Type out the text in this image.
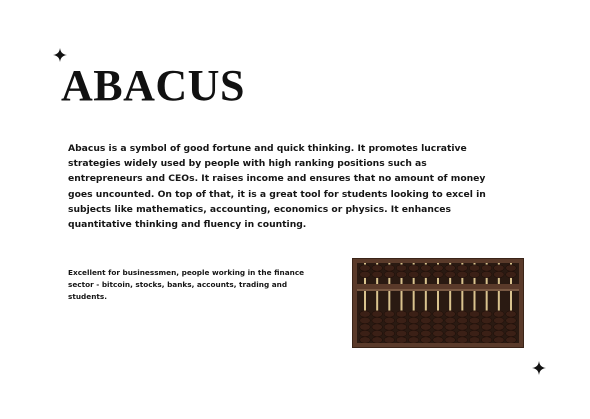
ABACUS

Abacus is a symbol of good fortune and quick thinking. It promotes lucrative strategies widely used by people with high ranking positions such as entrepreneurs and CEOs. It raises income and ensures that no amount of money goes uncounted. On top of that, it is a great tool for students looking to excel in subjects like mathematics, accounting, economics or physics. It enhances quantitative thinking and fluency in counting.

Excellent for businessmen, people working in the finance sector - bitcoin, stocks, banks, accounts, trading and students.
